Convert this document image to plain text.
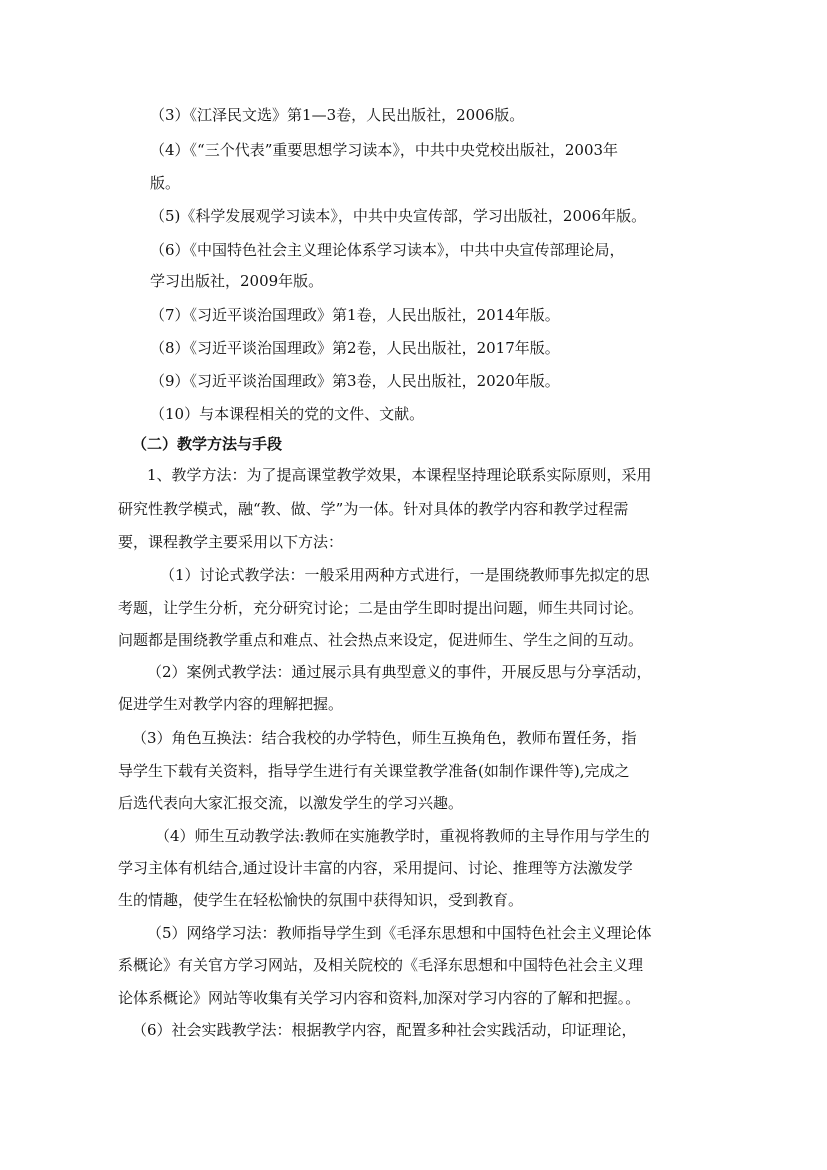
（3）《江泽民文选》第1—3卷，人民出版社，2006版。
（4）《“三个代表”重要思想学习读本》，中共中央党校出版社，2003年
版。
（5)《科学发展观学习读本》，中共中央宣传部，学习出版社，2006年版。
（6）《中国特色社会主义理论体系学习读本》，中共中央宣传部理论局，
学习出版社，2009年版。
（7）《习近平谈治国理政》第1卷，人民出版社，2014年版。
（8）《习近平谈治国理政》第2卷，人民出版社，2017年版。
（9）《习近平谈治国理政》第3卷，人民出版社，2020年版。
（10）与本课程相关的党的文件、文献。
（二）教学方法与手段
1、教学方法：为了提高课堂教学效果，本课程坚持理论联系实际原则，采用
研究性教学模式，融“教、做、学”为一体。针对具体的教学内容和教学过程需
要，课程教学主要采用以下方法：
（1）讨论式教学法：一般采用两种方式进行，一是围绕教师事先拟定的思
考题，让学生分析，充分研究讨论；二是由学生即时提出问题，师生共同讨论。
问题都是围绕教学重点和难点、社会热点来设定，促进师生、学生之间的互动。
（2）案例式教学法：通过展示具有典型意义的事件，开展反思与分享活动，
促进学生对教学内容的理解把握。
（3）角色互换法：结合我校的办学特色，师生互换角色，教师布置任务，指
导学生下载有关资料，指导学生进行有关课堂教学准备(如制作课件等),完成之
后选代表向大家汇报交流，以激发学生的学习兴趣。
（4）师生互动教学法:教师在实施教学时，重视将教师的主导作用与学生的
学习主体有机结合,通过设计丰富的内容，采用提问、讨论、推理等方法激发学
生的情趣，使学生在轻松愉快的氛围中获得知识，受到教育。
（5）网络学习法：教师指导学生到《毛泽东思想和中国特色社会主义理论体
系概论》有关官方学习网站，及相关院校的《毛泽东思想和中国特色社会主义理
论体系概论》网站等收集有关学习内容和资料,加深对学习内容的了解和把握。。
（6）社会实践教学法：根据教学内容，配置多种社会实践活动，印证理论，
